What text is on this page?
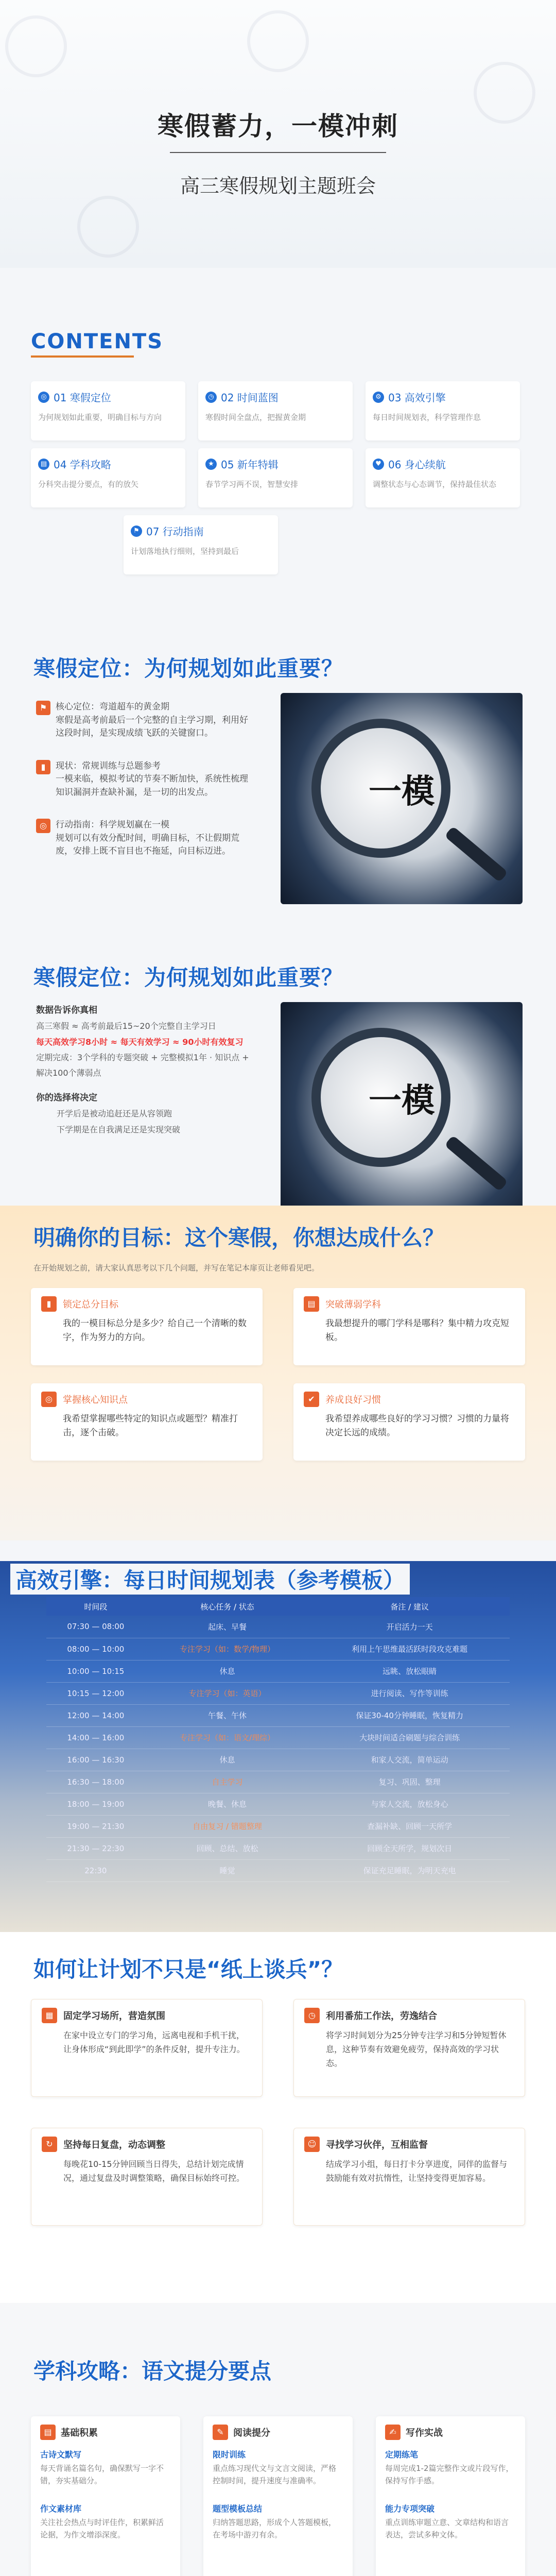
寒假蓄力，一模冲刺
高三寒假规划主题班会
CONTENTS
◎ 01 寒假定位
为何规划如此重要，明确目标与方向
◷ 02 时间蓝图
寒假时间全盘点，把握黄金期
⚙ 03 高效引擎
每日时间规划表，科学管理作息
▤ 04 学科攻略
分科突击提分要点，有的放矢
★ 05 新年特辑
春节学习两不误，智慧安排
♥ 06 身心续航
调整状态与心态调节，保持最佳状态
⚑ 07 行动指南
计划落地执行细则，坚持到最后
寒假定位：为何规划如此重要？
⚑ 核心定位：弯道超车的黄金期
寒假是高考前最后一个完整的自主学习期，利用好这段时间，是实现成绩飞跃的关键窗口。
▮	现状：常规训练与总题参考
一模来临，模拟考试的节奏不断加快，系统性梳理知识漏洞并查缺补漏，是一切的出发点。
◎	行动指南：科学规划赢在一模
规划可以有效分配时间，明确目标，不让假期荒废，安排上既不盲目也不拖延，向目标迈进。
一模
寒假定位：为何规划如此重要？
数据告诉你真相
高三寒假 ≈ 高考前最后15~20个完整自主学习日
每天高效学习8小时 ≈ 每天有效学习 ≈ 90小时有效复习
定期完成：3个学科的专题突破 + 完整模拟1年 · 知识点 + 解决100个薄弱点
你的选择将决定
开学后是被动追赶还是从容领跑
下学期是在自我满足还是实现突破
一模
明确你的目标：这个寒假，你想达成什么？
在开始规划之前，请大家认真思考以下几个问题，并写在笔记本扉页让老师看见吧。
▮	锁定总分目标
我的一模目标总分是多少？给自己一个清晰的数字，作为努力的方向。
▤	突破薄弱学科
我最想提升的哪门学科是哪科？集中精力攻克短板。
◎	掌握核心知识点
我希望掌握哪些特定的知识点或题型？精准打击，逐个击破。
✔	养成良好习惯
我希望养成哪些良好的学习习惯？习惯的力量将决定长远的成绩。
高效引擎：每日时间规划表（参考模板）
时间段	核心任务 / 状态	备注 / 建议
07:30 — 08:00	起床、早餐	开启活力一天
08:00 — 10:00	专注学习（如：数学/物理）	利用上午思维最活跃时段攻克难题
10:00 — 10:15	休息	远眺、放松眼睛
10:15 — 12:00	专注学习（如：英语）	进行阅读、写作等训练
12:00 — 14:00	午餐、午休	保证30-40分钟睡眠，恢复精力
14:00 — 16:00	专注学习（如：语文/理综）	大块时间适合刷题与综合训练
16:00 — 16:30	休息	和家人交流，简单运动
16:30 — 18:00	自主学习	复习、巩固、整理
18:00 — 19:00	晚餐、休息	与家人交流，放松身心
19:00 — 21:30	自由复习 / 错题整理	查漏补缺、回顾一天所学
21:30 — 22:30	回顾、总结、放松	回顾全天所学，规划次日
22:30	睡觉	保证充足睡眠，为明天充电
如何让计划不只是“纸上谈兵”？
▦	固定学习场所，营造氛围
在家中设立专门的学习角，远离电视和手机干扰，让身体形成“到此即学”的条件反射，提升专注力。
◷	利用番茄工作法，劳逸结合
将学习时间划分为25分钟专注学习和5分钟短暂休息，这种节奏有效避免疲劳，保持高效的学习状态。
↻	坚持每日复盘，动态调整
每晚花10-15分钟回顾当日得失，总结计划完成情况，通过复盘及时调整策略，确保目标始终可控。
☺	寻找学习伙伴，互相监督
结成学习小组，每日打卡分享进度，同伴的监督与鼓励能有效对抗惰性，让坚持变得更加容易。
学科攻略：语文提分要点
▤ 基础积累
古诗文默写
每天背诵名篇名句，确保默写一字不错，夯实基础分。
作文素材库
关注社会热点与时评佳作，积累鲜活论据，为作文增添深度。
✎	阅读提分
限时训练
重点练习现代文与文言文阅读，严格控制时间，提升速度与准确率。
题型模板总结
归纳答题思路，形成个人答题模板，在考场中游刃有余。
✍	写作实战
定期练笔
每周完成1-2篇完整作文或片段写作，保持写作手感。
能力专项突破
重点训练审题立意、文章结构和语言表达，尝试多种文体。
